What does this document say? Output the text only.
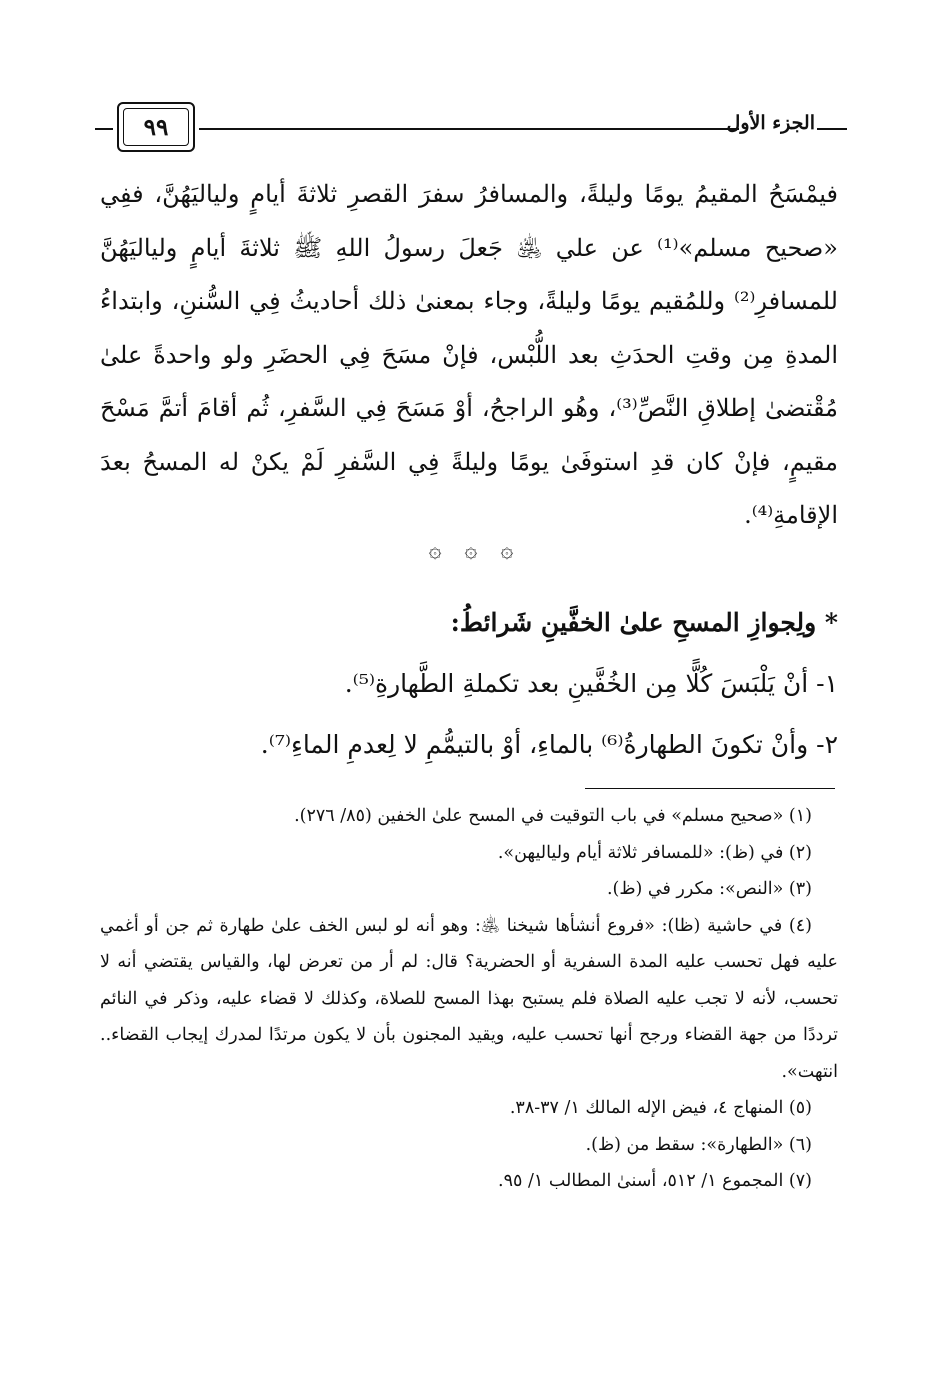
٩٩	الجزء الأول

فيمْسَحُ المقيمُ يومًا وليلةً، والمسافرُ سفرَ القصرِ ثلاثةَ أيامٍ ولياليَهُنَّ، ففِي «صحيح مسلم»⁽¹⁾ عن علي ﵁ جَعلَ رسولُ اللهِ ﷺ ثلاثةَ أيامٍ ولياليَهُنَّ للمسافرِ⁽²⁾ وللمُقيم يومًا وليلةً، وجاء بمعنىٰ ذلك أحاديثُ فِي السُّننِ، وابتداءُ المدةِ مِن وقتِ الحدَثِ بعد اللُّبْس، فإنْ مسَحَ فِي الحضَرِ ولو واحدةً علىٰ مُقْتضىٰ إطلاقِ النَّصِّ⁽³⁾، وهُو الراجحُ، أوْ مَسَحَ فِي السَّفرِ، ثُم أقامَ أتمَّ مَسْحَ مقيمٍ، فإنْ كان قدِ استوفَىٰ يومًا وليلةً فِي السَّفرِ لَمْ يكنْ له المسحُ بعدَ الإقامةِ⁽⁴⁾.

۞ ۞ ۞

* ولِجوازِ المسحِ علىٰ الخفَّينِ شَرائطُ:

١- أنْ يَلْبَسَ كُلًّا مِن الخُفَّينِ بعد تكملةِ الطَّهارةِ⁽⁵⁾.

٢- وأنْ تكونَ الطهارةُ⁽⁶⁾ بالماءِ، أوْ بالتيمُّمِ لا لِعدمِ الماءِ⁽⁷⁾.

(١) «صحيح مسلم» في باب التوقيت في المسح علىٰ الخفين (٨٥/ ٢٧٦).

(٢) في (ظ): «للمسافر ثلاثة أيام ولياليهن».

(٣) «النص»: مكرر في (ظ).

(٤) في حاشية (ظا): «فروع أنشأها شيخنا ﵁: وهو أنه لو لبس الخف علىٰ طهارة ثم جن أو أغمي عليه فهل تحسب عليه المدة السفرية أو الحضرية؟ قال: لم أر من تعرض لها، والقياس يقتضي أنه لا تحسب، لأنه لا تجب عليه الصلاة فلم يستبح بهذا المسح للصلاة، وكذلك لا قضاء عليه، وذكر في النائم ترددًا من جهة القضاء ورجح أنها تحسب عليه، ويقيد المجنون بأن لا يكون مرتدًا لمدرك إيجاب القضاء.. انتهت».

(٥) المنهاج ٤، فيض الإله المالك ١/ ٣٧-٣٨.

(٦) «الطهارة»: سقط من (ظ).

(٧) المجموع ١/ ٥١٢، أسنىٰ المطالب ١/ ٩٥.
